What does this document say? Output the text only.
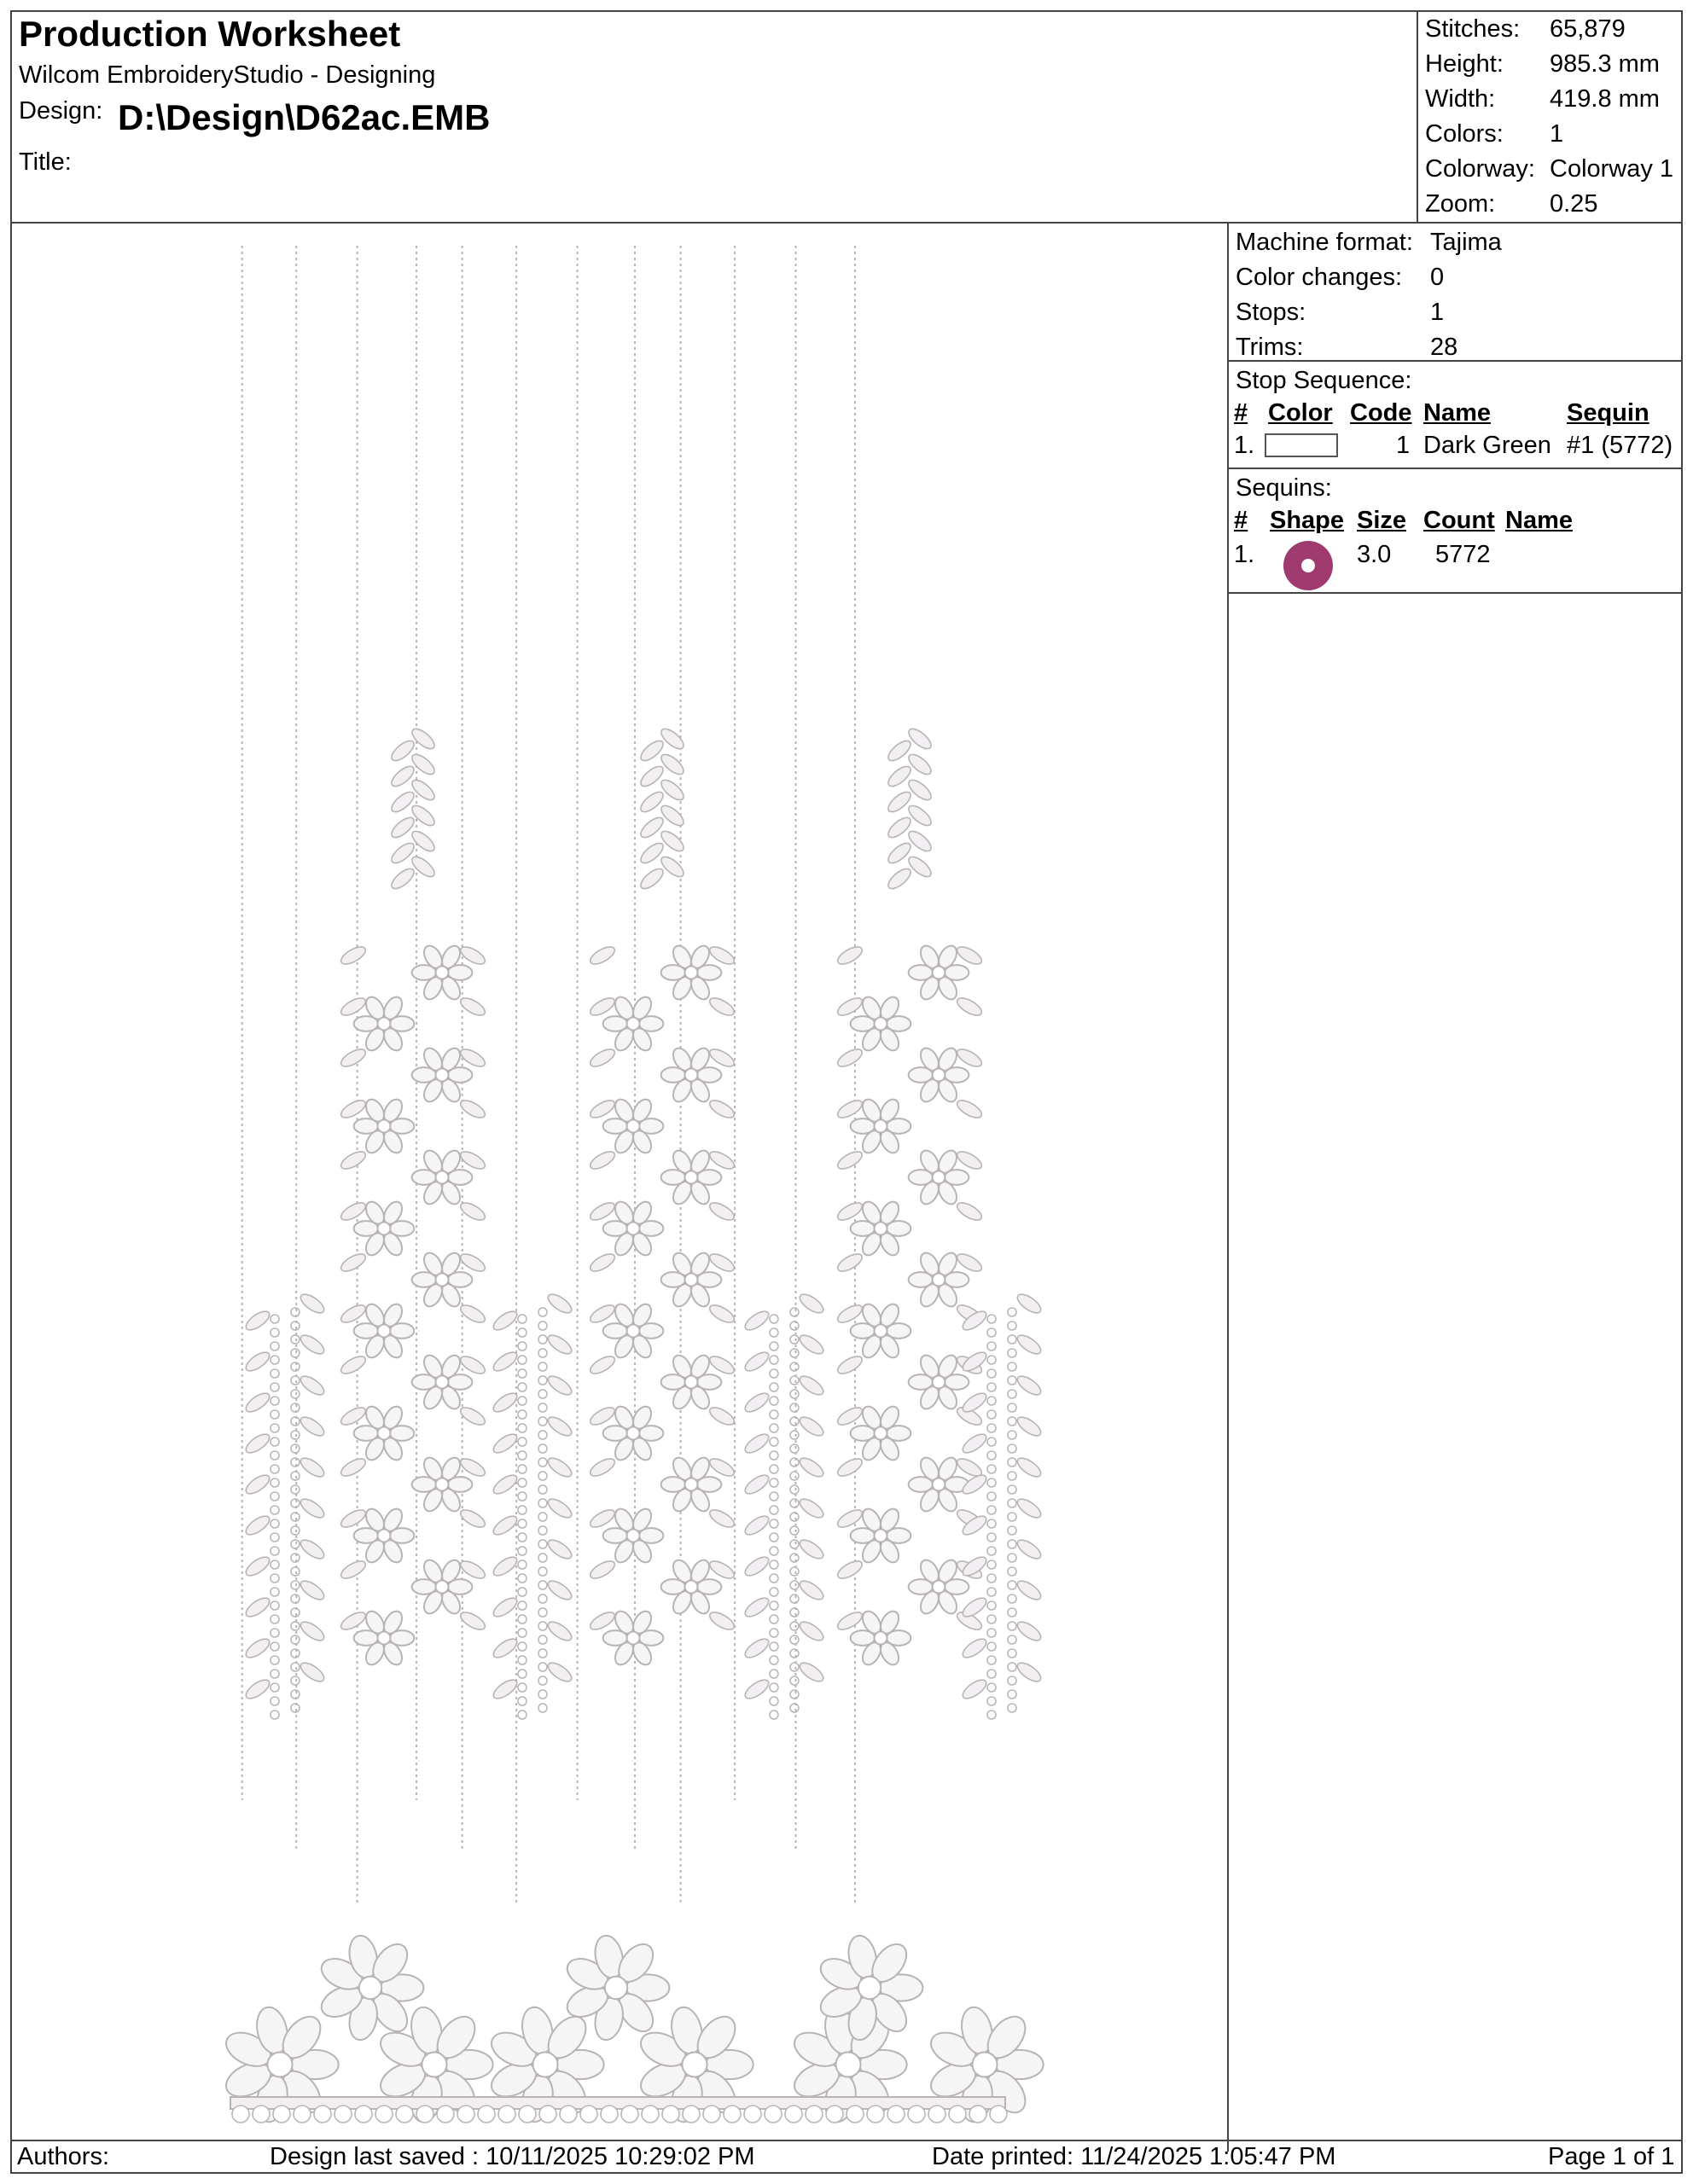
Production Worksheet
Wilcom EmbroideryStudio - Designing
Design: D:\Design\D62ac.EMB
Title:
Stitches: 65,879
Height: 985.3 mm
Width: 419.8 mm
Colors: 1
Colorway: Colorway 1
Zoom: 0.25
Machine format: Tajima
Color changes: 0
Stops:	1
Trims:	28
Stop Sequence:
# Color Code Name	Sequin
1.	1 Dark Green #1 (5772)
Sequins:
# Shape Size Count Name
1.	3.0 5772
Authors:	Design last saved : 10/11/2025 10:29:02 PM	Date printed: 11/24/2025 1:05:47 PM	Page 1 of 1
